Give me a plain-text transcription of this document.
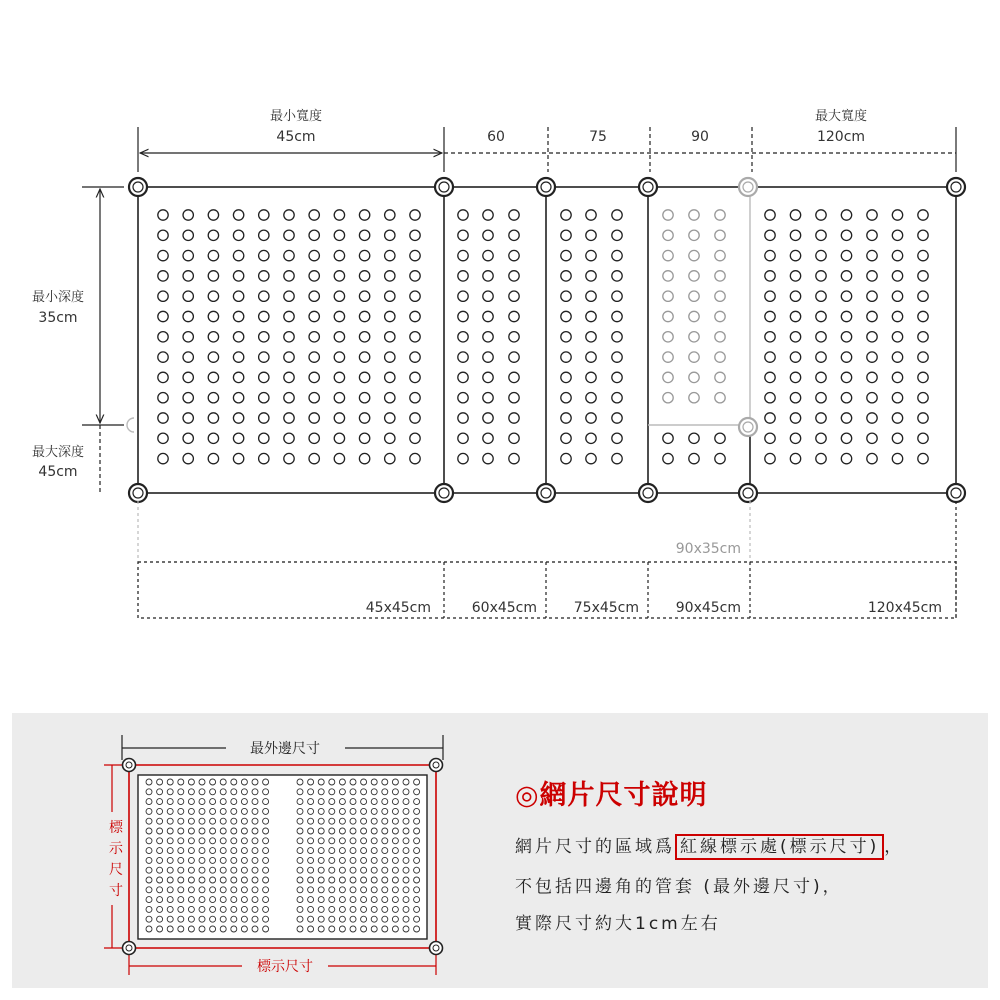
最小寬度
45cm
最大寬度
120cm
60	75	90
最小深度
35cm
最大深度
45cm
90x35cm
45x45cm	60x45cm	75x45cm	90x45cm	120x45cm
最外邊尺寸
標示尺寸
標示尺寸
◎網片尺寸說明
網片尺寸的區域爲 紅線標示處(標示尺寸) ，
不包括四邊角的管套 (最外邊尺寸)，
實際尺寸約大1cm左右
